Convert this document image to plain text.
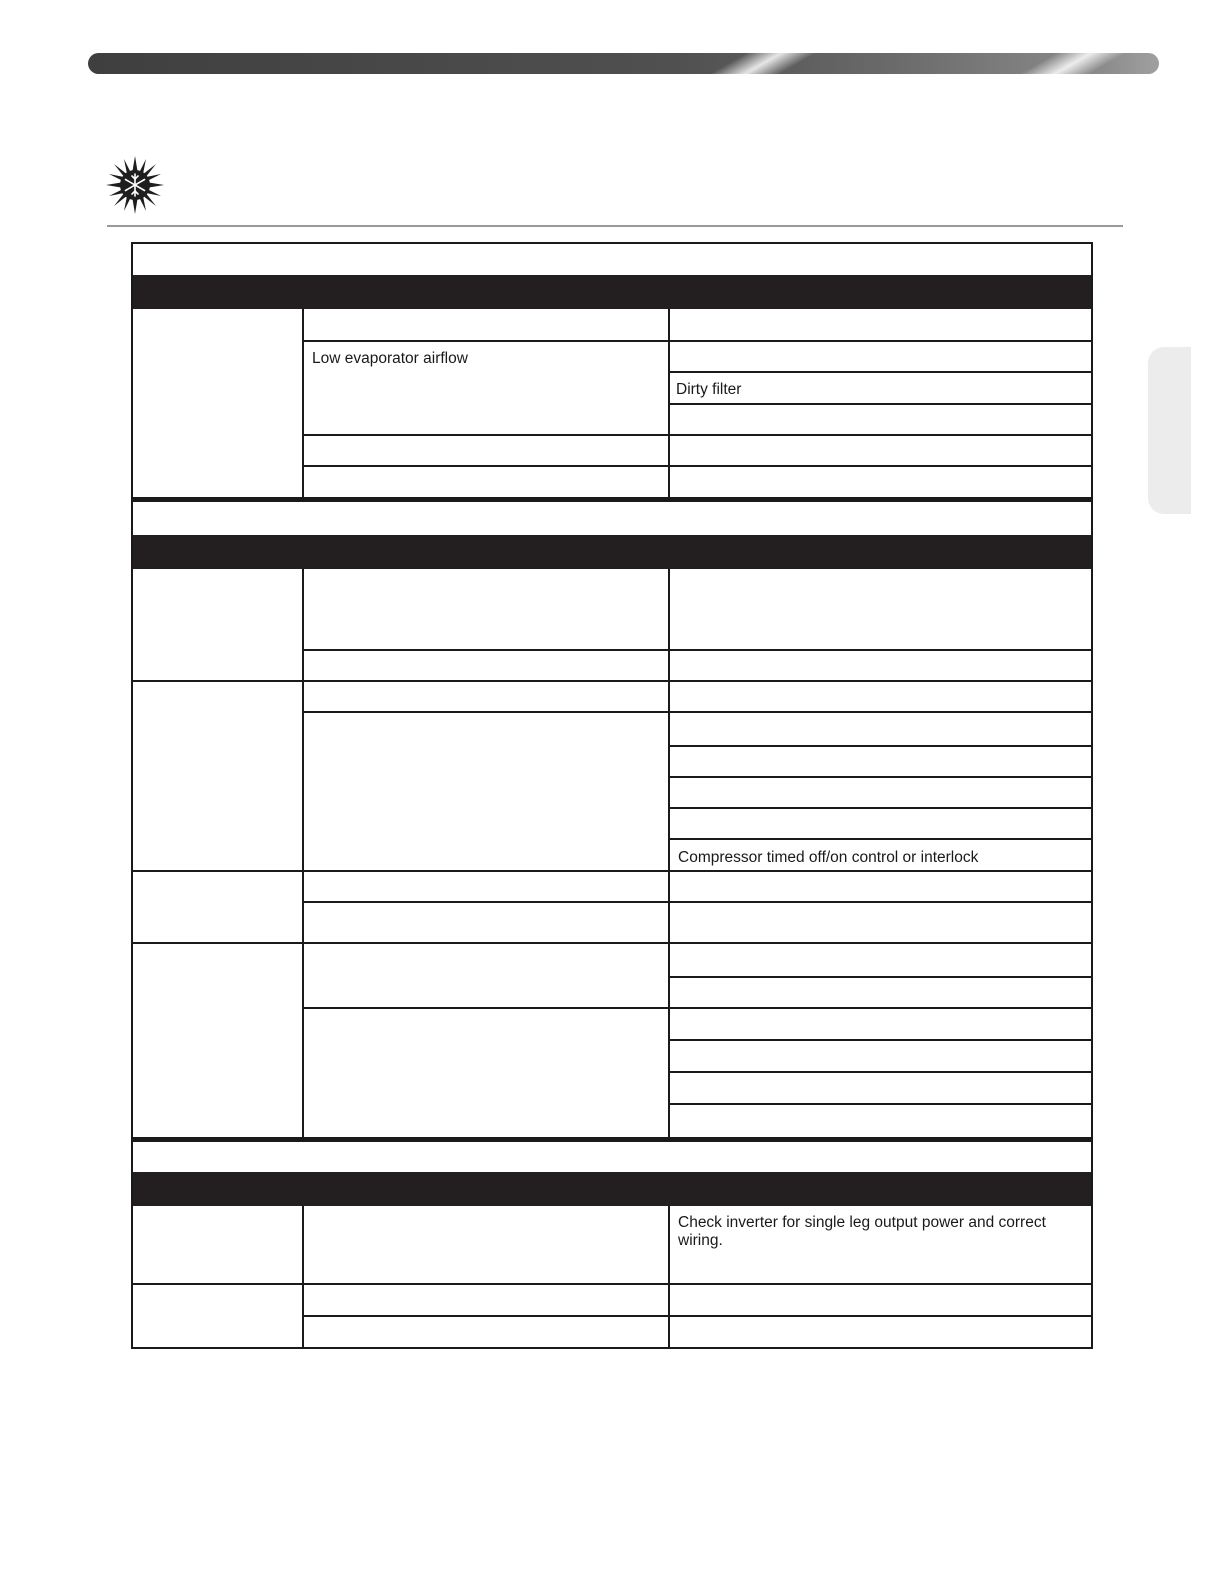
Low evaporator airflow
Dirty filter
Compressor timed off/on control or interlock
Check inverter for single leg output power and correct wiring.
